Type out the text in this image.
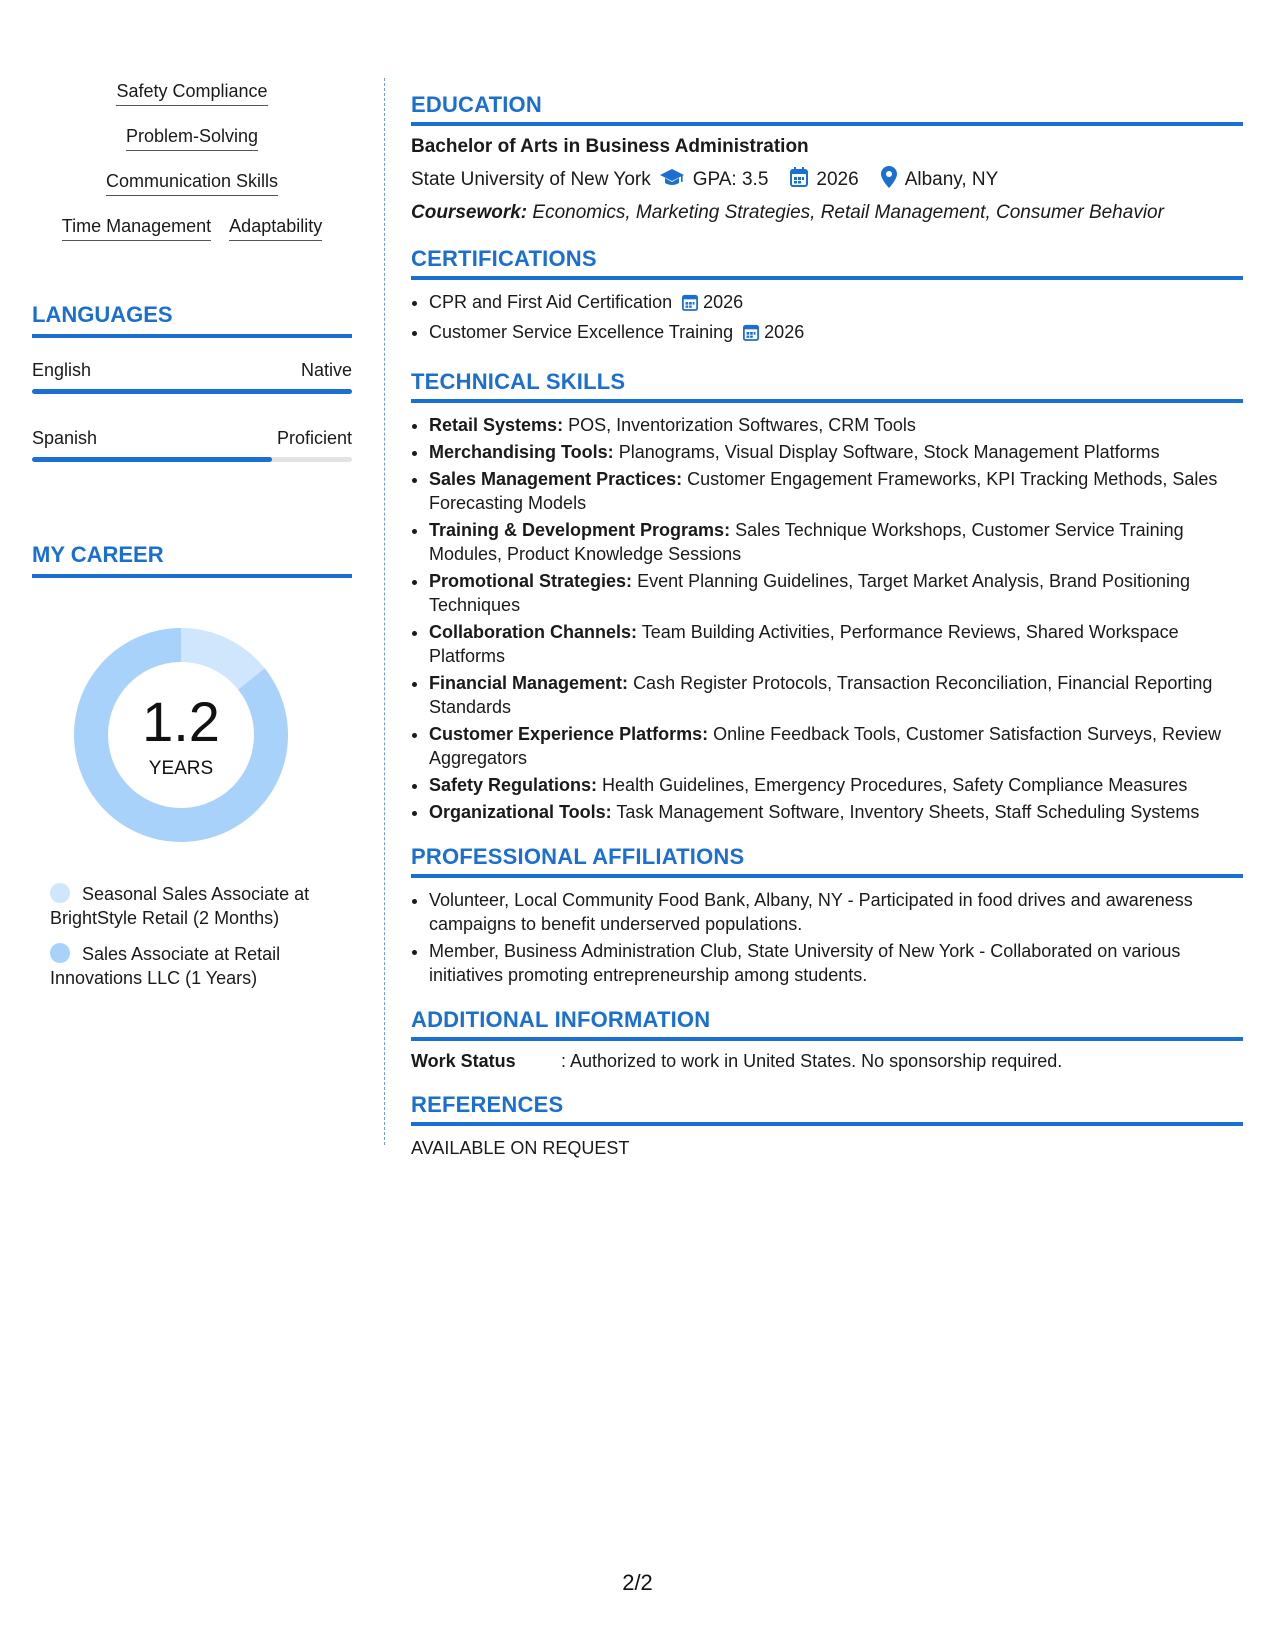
Safety Compliance
Problem-Solving
Communication Skills
Time Management Adaptability
LANGUAGES
English	Native
Spanish	Proficient
MY CAREER
1.2
YEARS
Seasonal Sales Associate at BrightStyle Retail (2 Months)
Sales Associate at Retail Innovations LLC (1 Years)
EDUCATION
Bachelor of Arts in Business Administration
State University of New York GPA: 3.5	2026 Albany, NY
Coursework: Economics, Marketing Strategies, Retail Management, Consumer Behavior
CERTIFICATIONS
• CPR and First Aid Certification 2026
• Customer Service Excellence Training 2026
TECHNICAL SKILLS
• Retail Systems: POS, Inventorization Softwares, CRM Tools
• Merchandising Tools: Planograms, Visual Display Software, Stock Management Platforms
• Sales Management Practices: Customer Engagement Frameworks, KPI Tracking Methods, Sales Forecasting Models
• Training & Development Programs: Sales Technique Workshops, Customer Service Training Modules, Product Knowledge Sessions
• Promotional Strategies: Event Planning Guidelines, Target Market Analysis, Brand Positioning Techniques
• Collaboration Channels: Team Building Activities, Performance Reviews, Shared Workspace Platforms
• Financial Management: Cash Register Protocols, Transaction Reconciliation, Financial Reporting Standards
• Customer Experience Platforms: Online Feedback Tools, Customer Satisfaction Surveys, Review Aggregators
• Safety Regulations: Health Guidelines, Emergency Procedures, Safety Compliance Measures
• Organizational Tools: Task Management Software, Inventory Sheets, Staff Scheduling Systems
PROFESSIONAL AFFILIATIONS
• Volunteer, Local Community Food Bank, Albany, NY - Participated in food drives and awareness campaigns to benefit underserved populations.
• Member, Business Administration Club, State University of New York - Collaborated on various initiatives promoting entrepreneurship among students.
ADDITIONAL INFORMATION
Work Status	: Authorized to work in United States. No sponsorship required.
REFERENCES
AVAILABLE ON REQUEST
2/2
